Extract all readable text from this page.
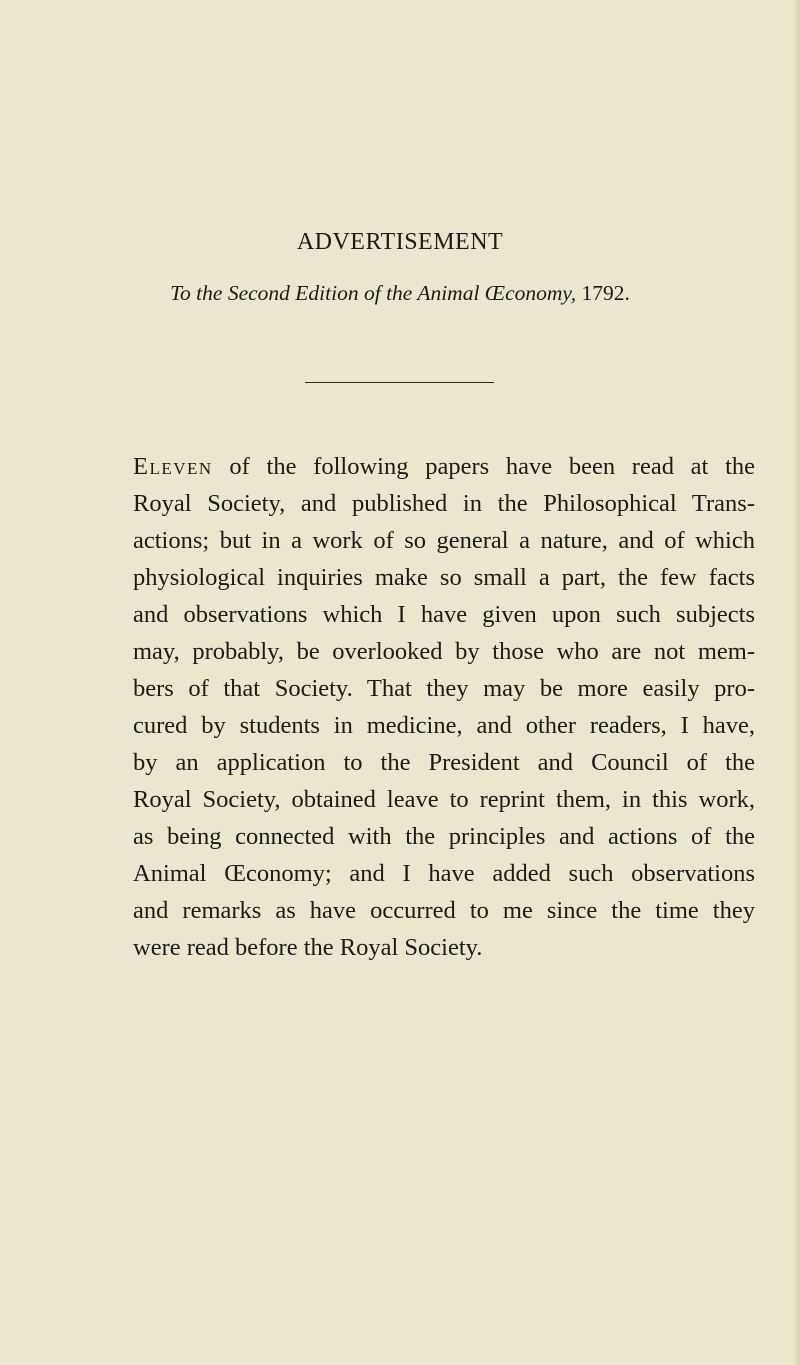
ADVERTISEMENT
To the Second Edition of the Animal Œconomy, 1792.
Eleven of the following papers have been read at the
Royal Society, and published in the Philosophical Trans-
actions; but in a work of so general a nature, and of which
physiological inquiries make so small a part, the few facts
and observations which I have given upon such subjects
may, probably, be overlooked by those who are not mem-
bers of that Society. That they may be more easily pro-
cured by students in medicine, and other readers, I have,
by an application to the President and Council of the
Royal Society, obtained leave to reprint them, in this work,
as being connected with the principles and actions of the
Animal Œconomy; and I have added such observations
and remarks as have occurred to me since the time they
were read before the Royal Society.
